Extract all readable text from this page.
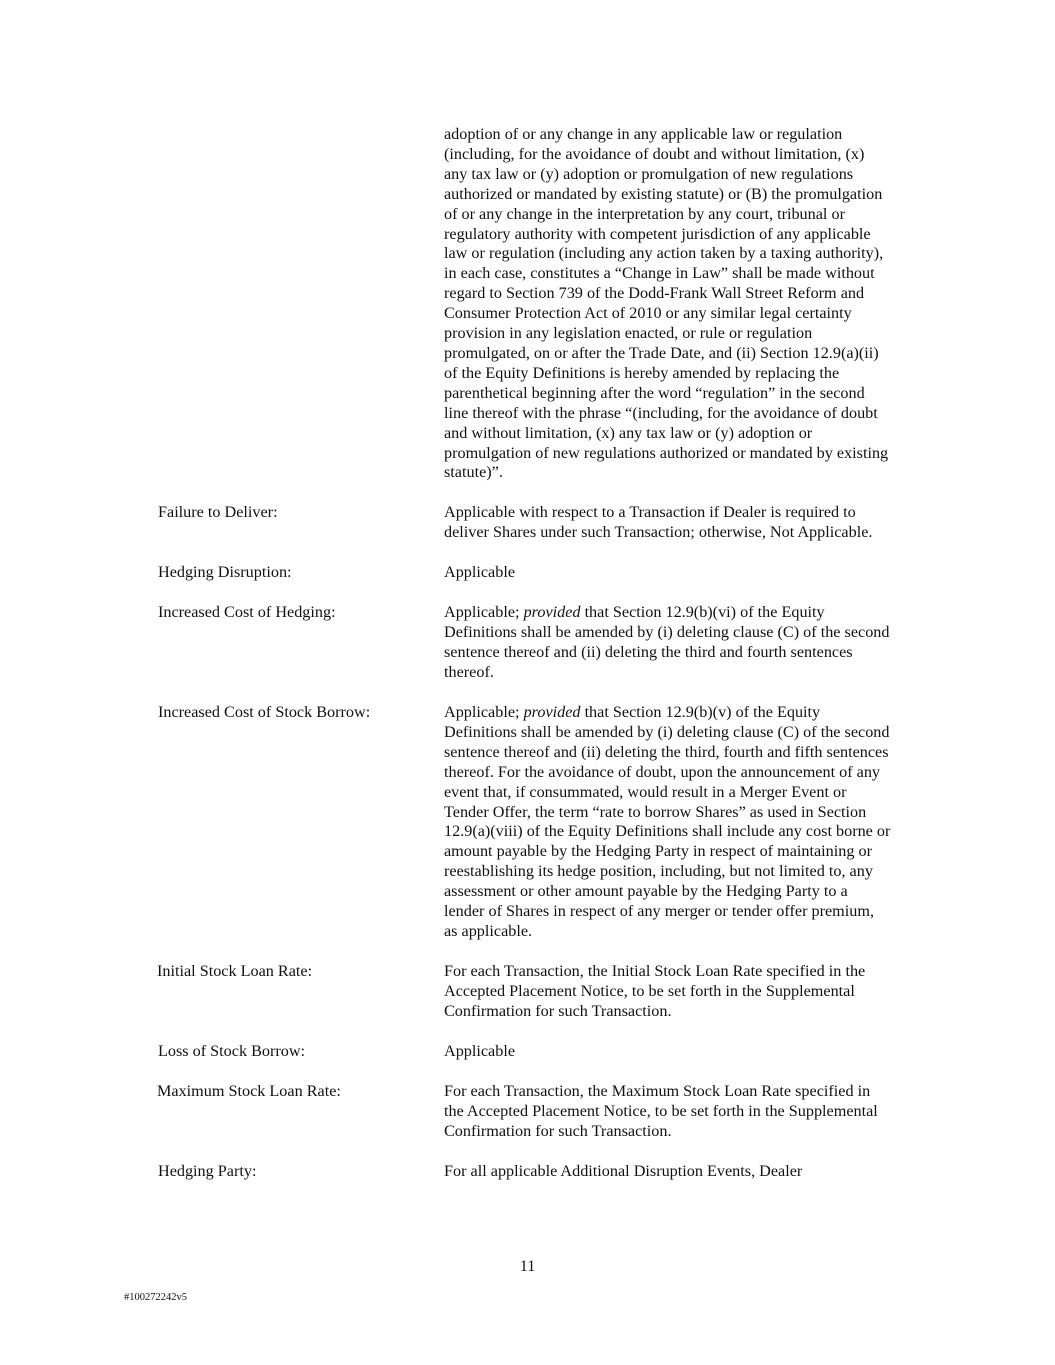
adoption of or any change in any applicable law or regulation
(including, for the avoidance of doubt and without limitation, (x)
any tax law or (y) adoption or promulgation of new regulations
authorized or mandated by existing statute) or (B) the promulgation
of or any change in the interpretation by any court, tribunal or
regulatory authority with competent jurisdiction of any applicable
law or regulation (including any action taken by a taxing authority),
in each case, constitutes a “Change in Law” shall be made without
regard to Section 739 of the Dodd-Frank Wall Street Reform and
Consumer Protection Act of 2010 or any similar legal certainty
provision in any legislation enacted, or rule or regulation
promulgated, on or after the Trade Date, and (ii) Section 12.9(a)(ii)
of the Equity Definitions is hereby amended by replacing the
parenthetical beginning after the word “regulation” in the second
line thereof with the phrase “(including, for the avoidance of doubt
and without limitation, (x) any tax law or (y) adoption or
promulgation of new regulations authorized or mandated by existing
statute)”.
Failure to Deliver:	Applicable with respect to a Transaction if Dealer is required to
deliver Shares under such Transaction; otherwise, Not Applicable.
Hedging Disruption:	Applicable
Increased Cost of Hedging:	Applicable; provided that Section 12.9(b)(vi) of the Equity
Definitions shall be amended by (i) deleting clause (C) of the second
sentence thereof and (ii) deleting the third and fourth sentences
thereof.
Increased Cost of Stock Borrow:	Applicable; provided that Section 12.9(b)(v) of the Equity
Definitions shall be amended by (i) deleting clause (C) of the second
sentence thereof and (ii) deleting the third, fourth and fifth sentences
thereof. For the avoidance of doubt, upon the announcement of any
event that, if consummated, would result in a Merger Event or
Tender Offer, the term “rate to borrow Shares” as used in Section
12.9(a)(viii) of the Equity Definitions shall include any cost borne or
amount payable by the Hedging Party in respect of maintaining or
reestablishing its hedge position, including, but not limited to, any
assessment or other amount payable by the Hedging Party to a
lender of Shares in respect of any merger or tender offer premium,
as applicable.
Initial Stock Loan Rate:	For each Transaction, the Initial Stock Loan Rate specified in the
Accepted Placement Notice, to be set forth in the Supplemental
Confirmation for such Transaction.
Loss of Stock Borrow:	Applicable
Maximum Stock Loan Rate:	For each Transaction, the Maximum Stock Loan Rate specified in
the Accepted Placement Notice, to be set forth in the Supplemental
Confirmation for such Transaction.
Hedging Party:	For all applicable Additional Disruption Events, Dealer
11
#100272242v5
